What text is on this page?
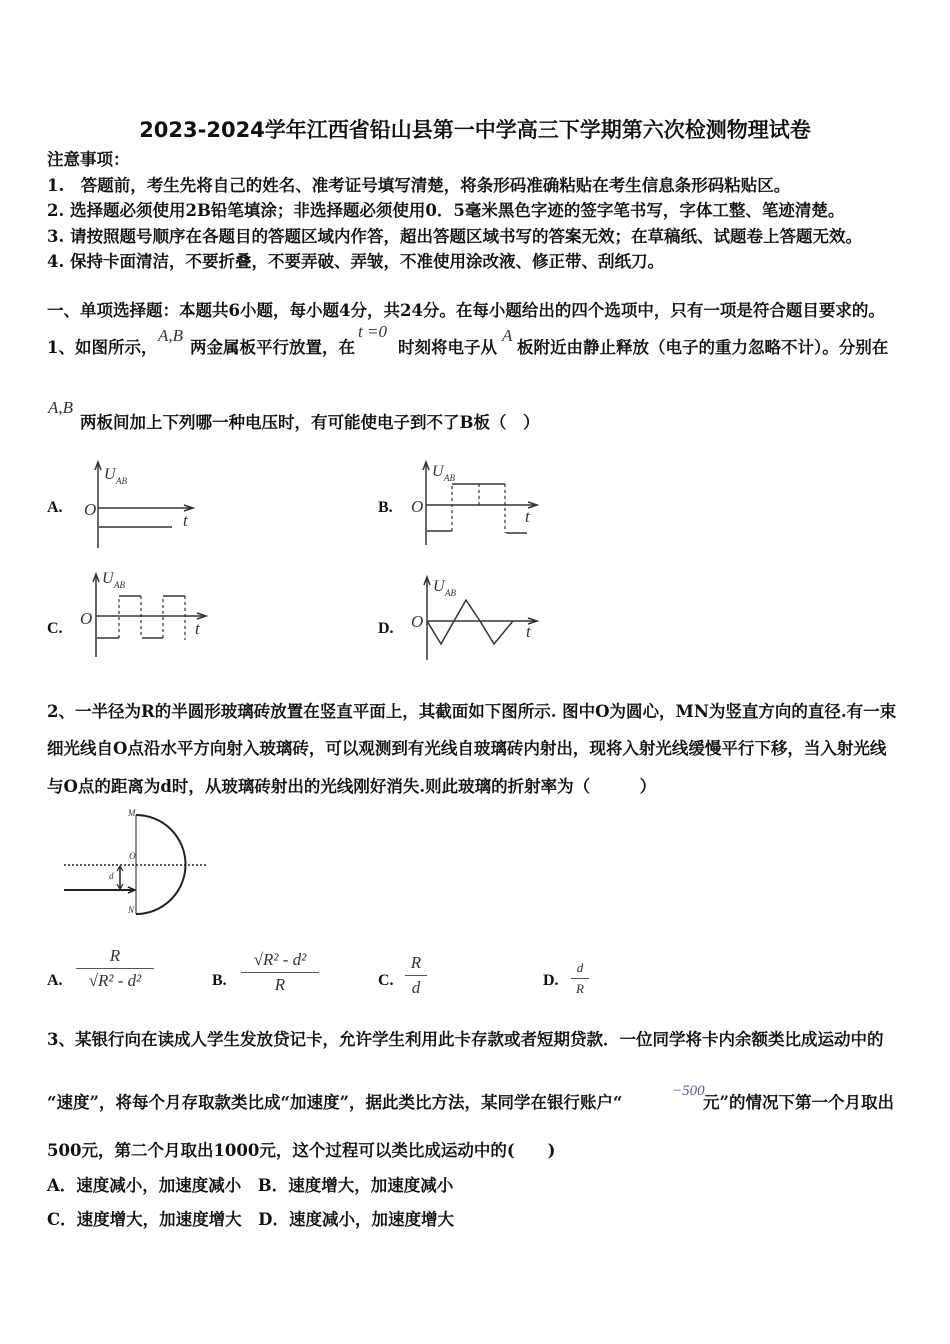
2023-2024学年江西省铅山县第一中学高三下学期第六次检测物理试卷
注意事项：
1.　答题前，考生先将自己的姓名、准考证号填写清楚，将条形码准确粘贴在考生信息条形码粘贴区。
2. 选择题必须使用2B铅笔填涂；非选择题必须使用0．5毫米黑色字迹的签字笔书写，字体工整、笔迹清楚。
3. 请按照题号顺序在各题目的答题区域内作答，超出答题区域书写的答案无效；在草稿纸、试题卷上答题无效。
4. 保持卡面清洁，不要折叠，不要弄破、弄皱，不准使用涂改液、修正带、刮纸刀。
一、单项选择题：本题共6小题，每小题4分，共24分。在每小题给出的四个选项中，只有一项是符合题目要求的。
1、如图所示，
A,B
两金属板平行放置，在
t =0
时刻将电子从
A
板附近由静止释放（电子的重力忽略不计）。分别在
A,B
两板间加上下列哪一种电压时，有可能使电子到不了B板（　）
A.	B.
C.	D.
U AB
O
t
U AB
O
t
U AB
O
t
U AB
O
t
2、一半径为R的半圆形玻璃砖放置在竖直平面上，其截面如下图所示. 图中O为圆心，MN为竖直方向的直径.有一束
细光线自O点沿水平方向射入玻璃砖，可以观测到有光线自玻璃砖内射出，现将入射光线缓慢平行下移，当入射光线
与O点的距离为d时，从玻璃砖射出的光线刚好消失.则此玻璃的折射率为（　　　）
M
O
d
N
A. $\frac{R}{\text{√R² - d²}}$	B. $\frac{\text{√R² - d²}}{R}$	C. $\frac{R}{d}$	D. $\frac{d}{R}$
3、某银行向在读成人学生发放贷记卡，允许学生利用此卡存款或者短期贷款．一位同学将卡内余额类比成运动中的
“速度”，将每个月存取款类比成“加速度”，据此类比方法，某同学在银行账户“
−500
元”的情况下第一个月取出
500元，第二个月取出1000元，这个过程可以类比成运动中的(　　)
A．速度减小，加速度减小　B．速度增大，加速度减小
C．速度增大，加速度增大　D．速度减小，加速度增大
